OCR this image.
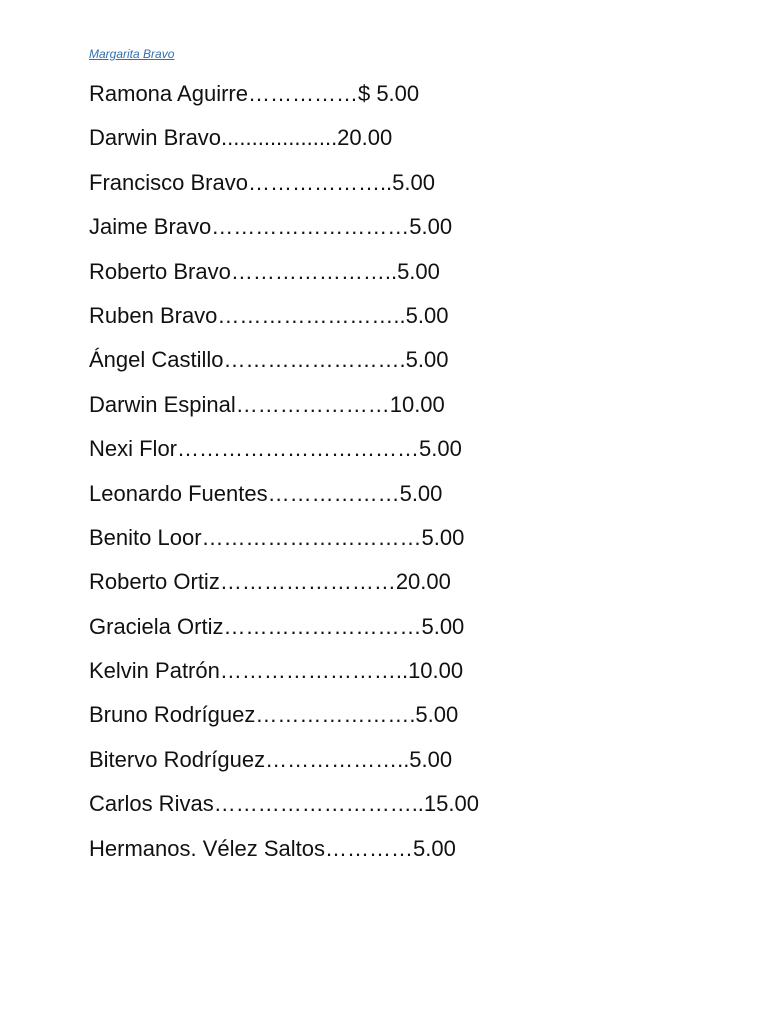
Margarita Bravo
Ramona Aguirre……………$ 5.00
Darwin Bravo...................20.00
Francisco Bravo………………..5.00
Jaime Bravo………………………5.00
Roberto Bravo…………………..5.00
Ruben Bravo……………………..5.00
Ángel Castillo…………………….5.00
Darwin Espinal…………………10.00
Nexi Flor……………………………5.00
Leonardo Fuentes………………5.00
Benito Loor…………………………5.00
Roberto Ortiz……………………20.00
Graciela Ortiz………………………5.00
Kelvin Patrón……………………..10.00
Bruno Rodríguez………………….5.00
Bitervo Rodríguez………………..5.00
Carlos Rivas………………………..15.00
Hermanos. Vélez Saltos…………5.00
